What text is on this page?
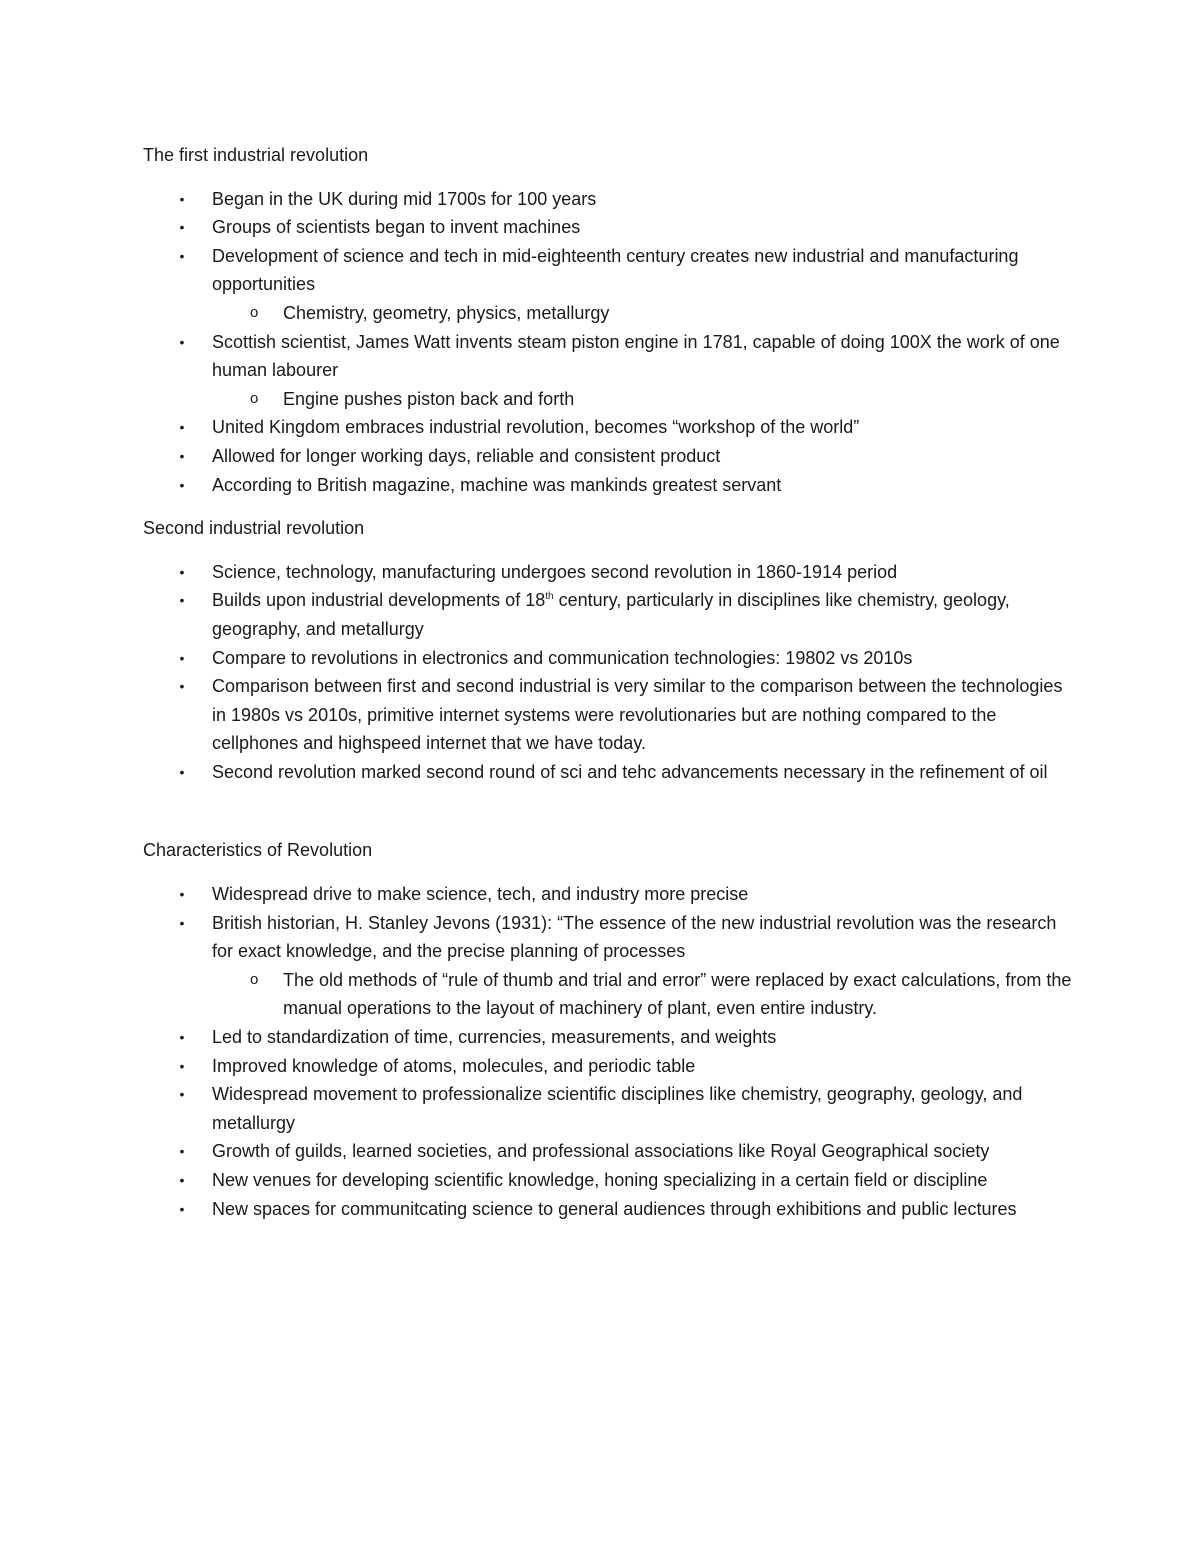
The first industrial revolution

• Began in the UK during mid 1700s for 100 years
• Groups of scientists began to invent machines
• Development of science and tech in mid-eighteenth century creates new industrial and manufacturing opportunities
o Chemistry, geometry, physics, metallurgy
• Scottish scientist, James Watt invents steam piston engine in 1781, capable of doing 100X the work of one human labourer
o Engine pushes piston back and forth
• United Kingdom embraces industrial revolution, becomes “workshop of the world”
• Allowed for longer working days, reliable and consistent product
• According to British magazine, machine was mankinds greatest servant

Second industrial revolution

• Science, technology, manufacturing undergoes second revolution in 1860-1914 period
• Builds upon industrial developments of 18th century, particularly in disciplines like chemistry, geology, geography, and metallurgy
• Compare to revolutions in electronics and communication technologies: 19802 vs 2010s
• Comparison between first and second industrial is very similar to the comparison between the technologies in 1980s vs 2010s, primitive internet systems were revolutionaries but are nothing compared to the cellphones and highspeed internet that we have today.
• Second revolution marked second round of sci and tehc advancements necessary in the refinement of oil

Characteristics of Revolution

• Widespread drive to make science, tech, and industry more precise
• British historian, H. Stanley Jevons (1931): “The essence of the new industrial revolution was the research for exact knowledge, and the precise planning of processes
o The old methods of “rule of thumb and trial and error” were replaced by exact calculations, from the manual operations to the layout of machinery of plant, even entire industry.
• Led to standardization of time, currencies, measurements, and weights
• Improved knowledge of atoms, molecules, and periodic table
• Widespread movement to professionalize scientific disciplines like chemistry, geography, geology, and metallurgy
• Growth of guilds, learned societies, and professional associations like Royal Geographical society
• New venues for developing scientific knowledge, honing specializing in a certain field or discipline
• New spaces for communitcating science to general audiences through exhibitions and public lectures
